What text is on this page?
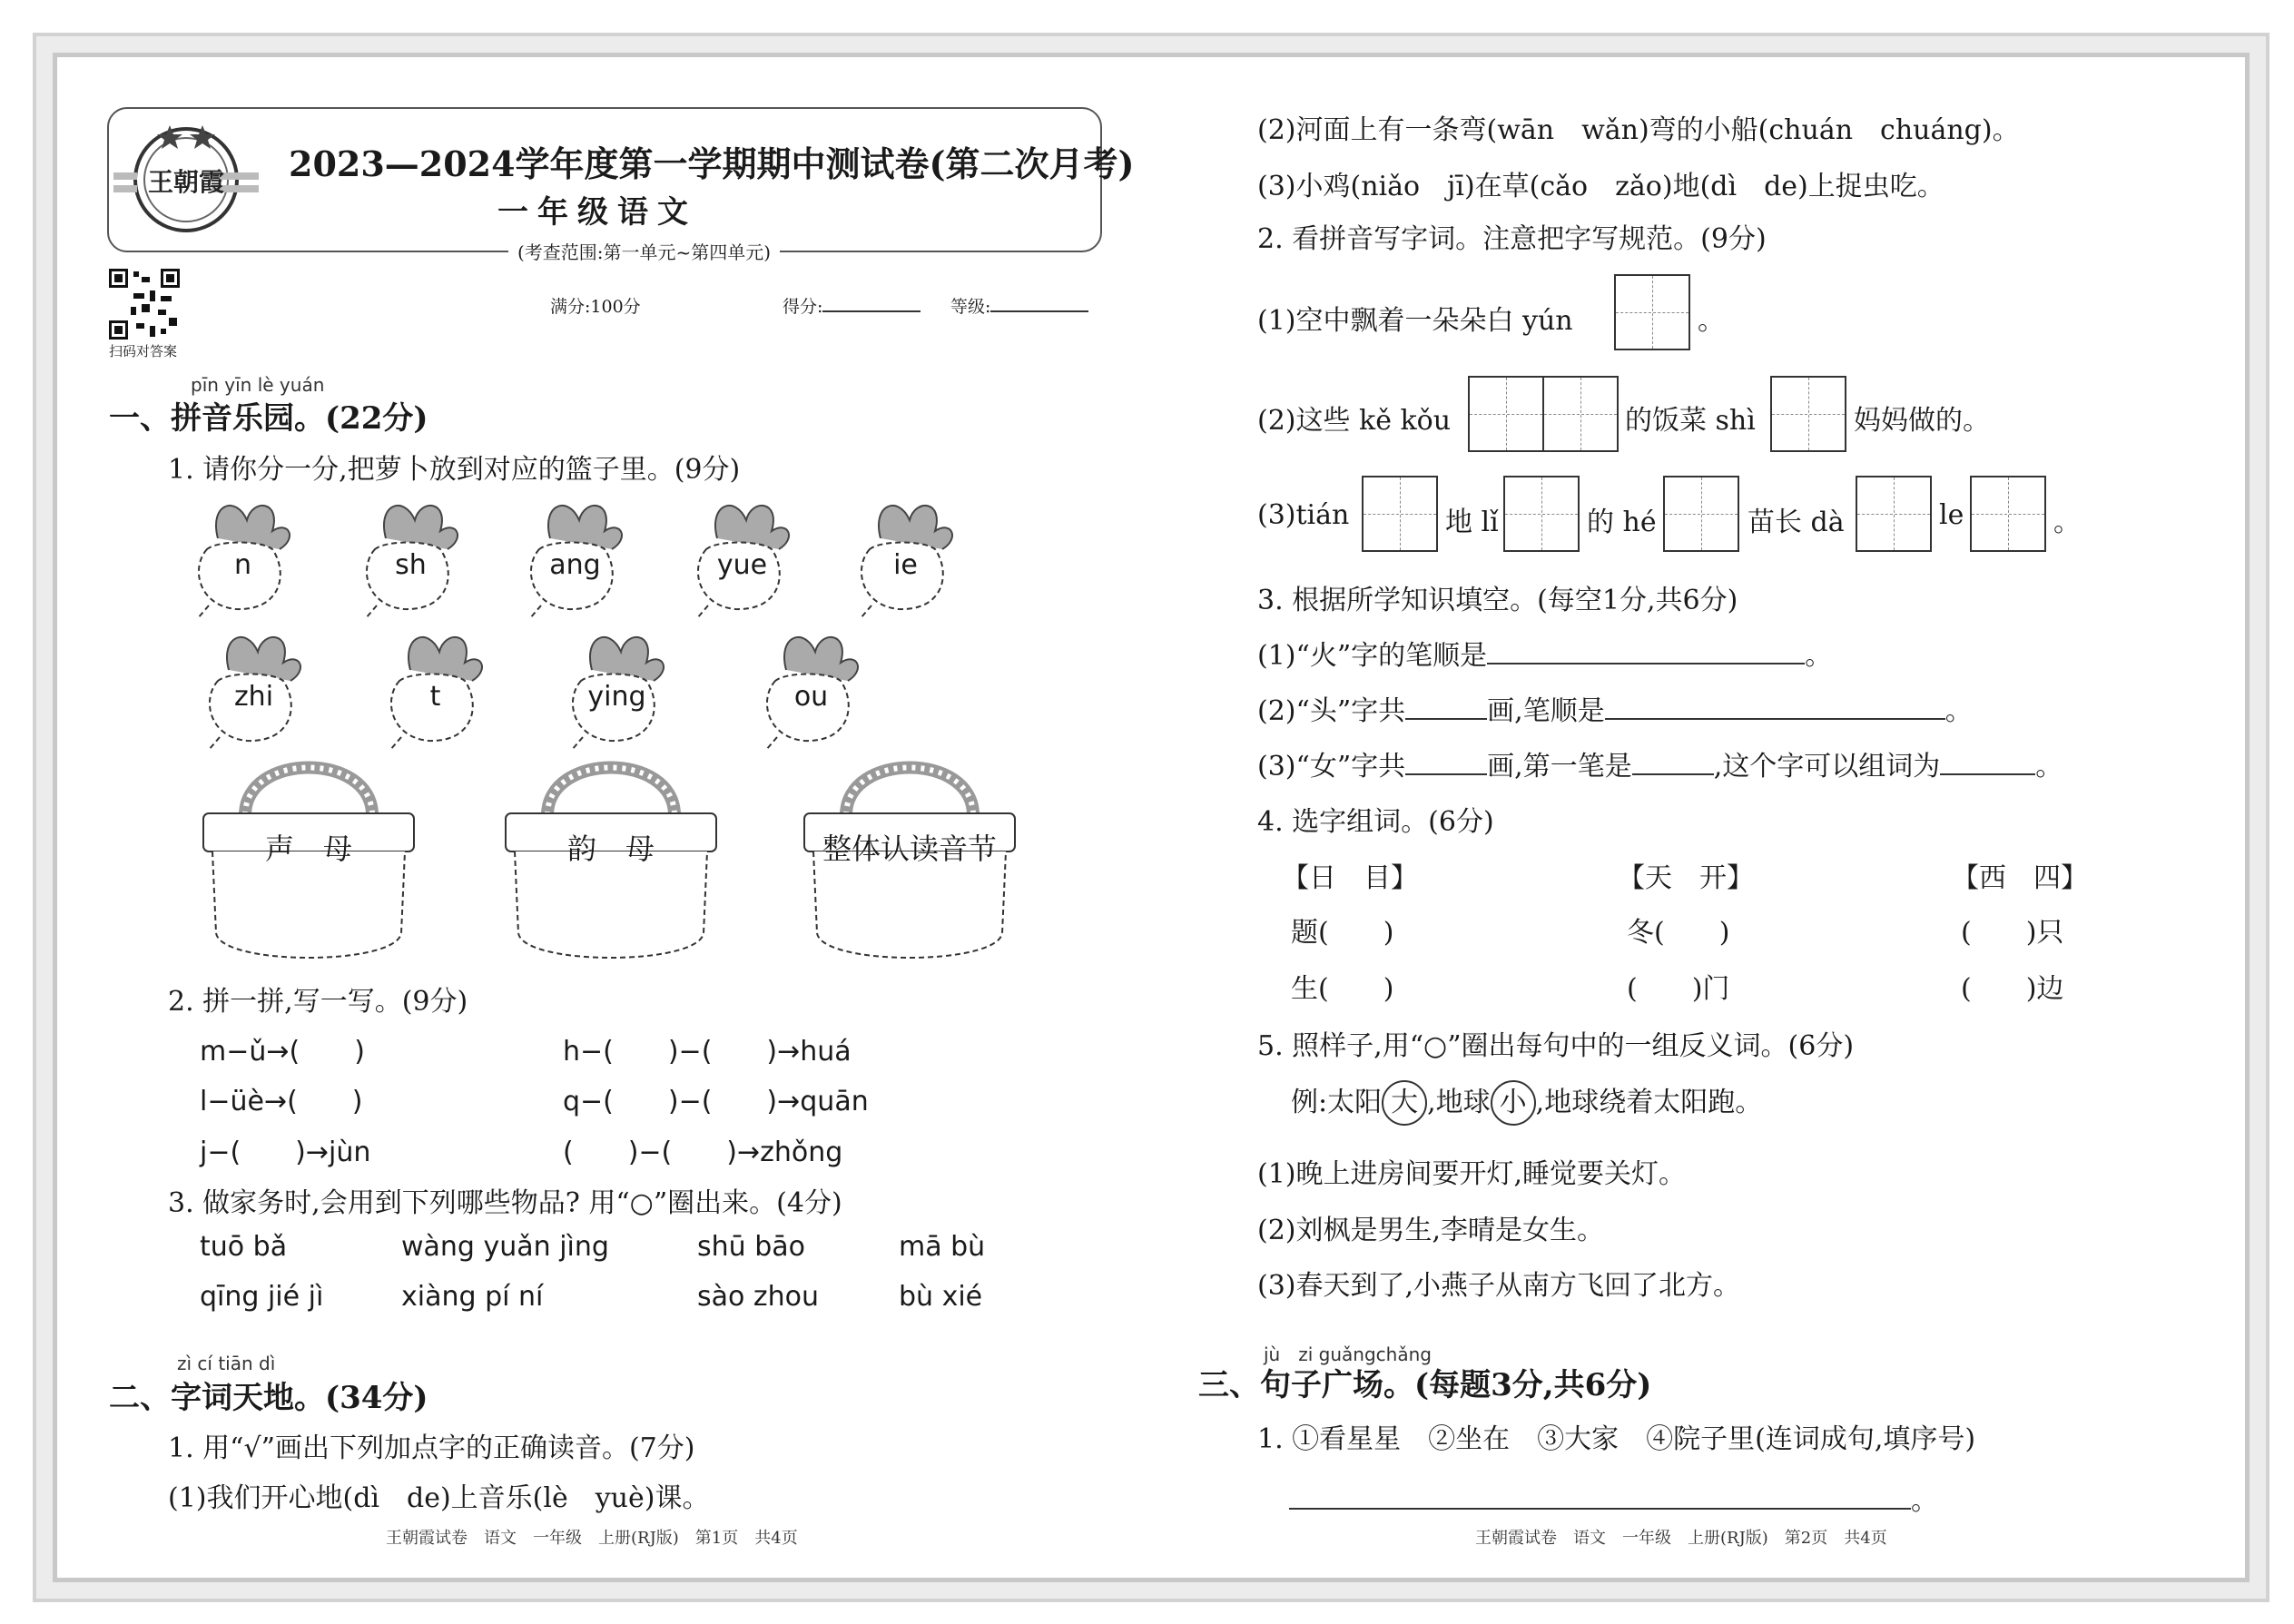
王朝霞 2023—2024学年度第一学期期中测试卷(第二次月考)
一年级语文
(考查范围:第一单元~第四单元)
扫码对答案
满分:100分	得分:	等级:
pīn yīn lè yuán
一、拼音乐园。(22分)
1. 请你分一分,把萝卜放到对应的篮子里。(9分)
n	sh	ang	yue	ie
zhi	t	ying	ou
声　母	韵　母	整体认读音节
2. 拼一拼,写一写。(9分)
m−ǔ→(　　)	h−(　　)−(　　)→huá
l−üè→(　　)	q−(　　)−(　　)→quān
j−(　　)→jùn	(　　)−(　　)→zhǒng
3. 做家务时,会用到下列哪些物品? 用“○”圈出来。(4分)
tuō bǎ	wàng yuǎn jìng	shū bāo	mā bù
qīng jié jì	xiàng pí ní	sào zhou	bù xié
zì cí tiān dì
二、字词天地。(34分)
1. 用“√”画出下列加点字的正确读音。(7分)
(1)我们开心地(dì　de)上音乐(lè　yuè)课。
王朝霞试卷　语文　一年级　上册(RJ版)　第1页　共4页
(2)河面上有一条弯(wān　wǎn)弯的小船(chuán　chuáng)。
(3)小鸡(niǎo　jī)在草(cǎo　zǎo)地(dì　de)上捉虫吃。
2. 看拼音写字词。注意把字写规范。(9分)
(1)空中飘着一朵朵白 yún	。
(2)这些 kě kǒu	的饭菜 shì	妈妈做的。
(3)tián	地 lǐ	的 hé	苗长 dà	le	。
3. 根据所学知识填空。(每空1分,共6分)
(1)“火”字的笔顺是	。
(2)“头”字共	画,笔顺是	。
(3)“女”字共	画,第一笔是	,这个字可以组词为	。
4. 选字组词。(6分)
【日　目】	【天　开】	【西　四】
题(　　)	冬(　　)	(　　)只
生(　　)	(　　)门	(　　)边
5. 照样子,用“○”圈出每句中的一组反义词。(6分)
例:太阳 大 ,地球 小 ,地球绕着太阳跑。
(1)晚上进房间要开灯,睡觉要关灯。
(2)刘枫是男生,李晴是女生。
(3)春天到了,小燕子从南方飞回了北方。
jù　zi guǎngchǎng
三、句子广场。(每题3分,共6分)
1. ①看星星　②坐在　③大家　④院子里(连词成句,填序号)
。
王朝霞试卷　语文　一年级　上册(RJ版)　第2页　共4页
